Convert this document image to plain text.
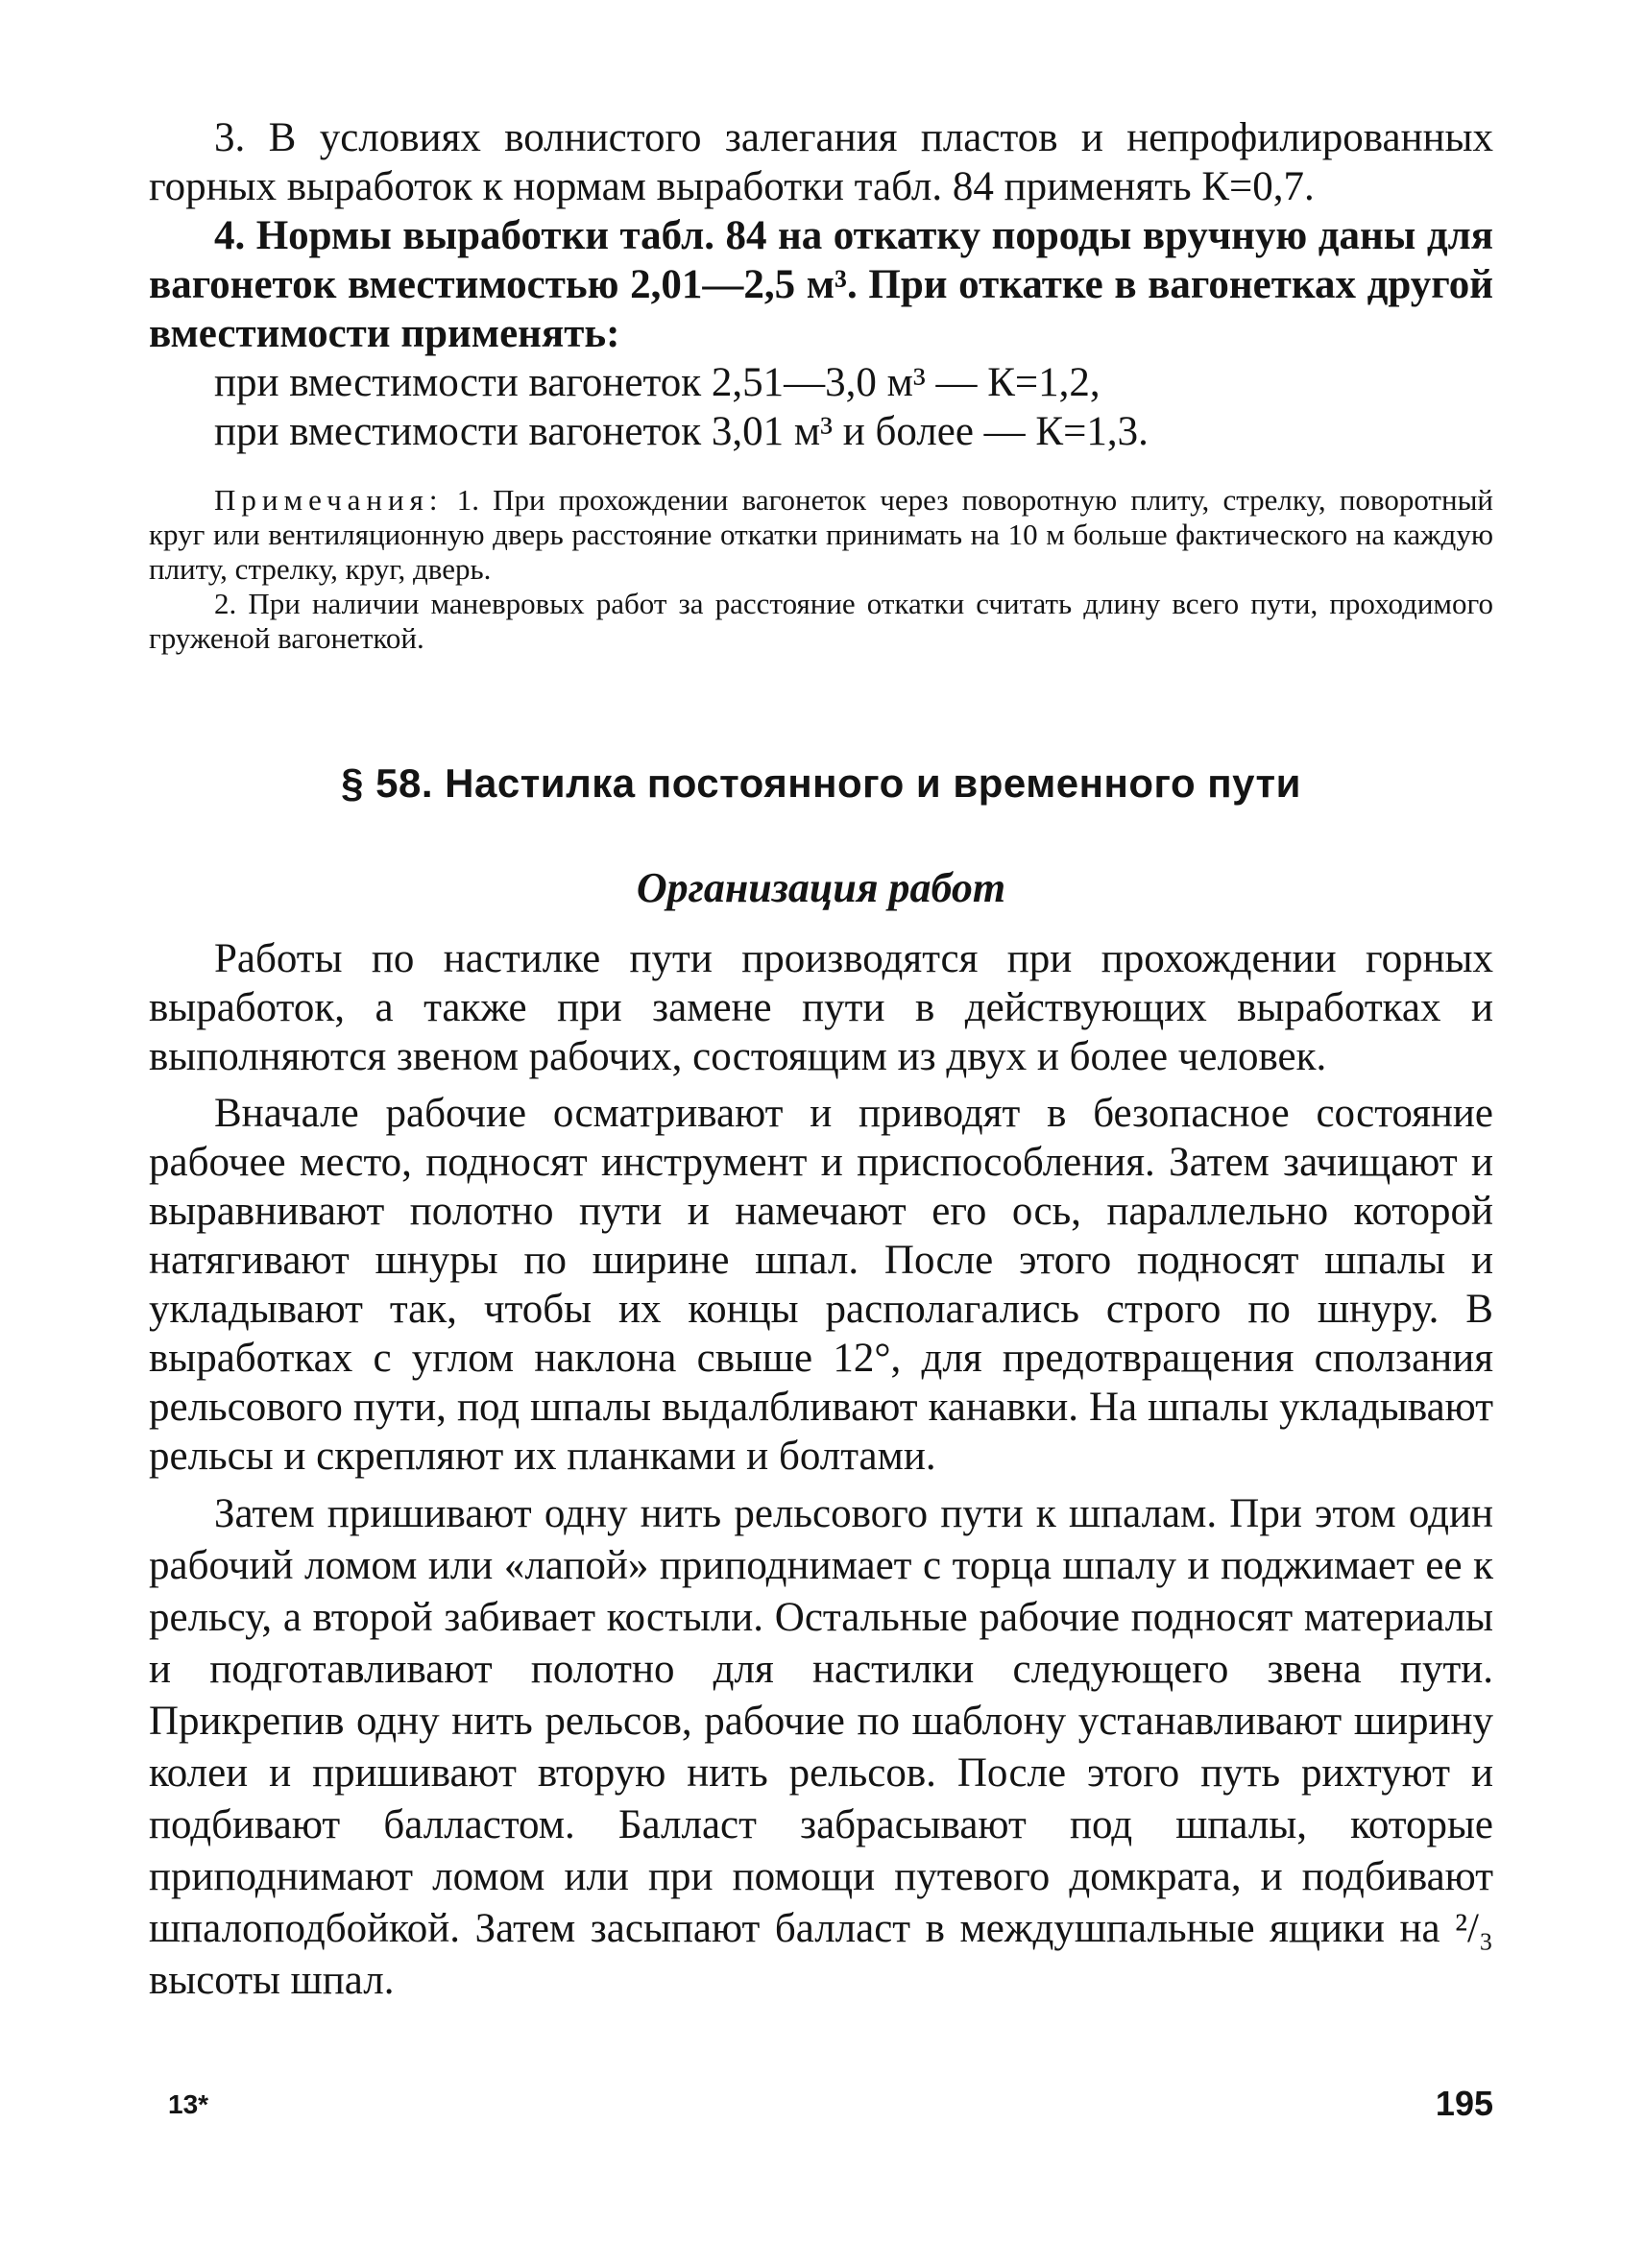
3. В условиях волнистого залегания пластов и непрофилированных горных выработок к нормам выработки табл. 84 применять К=0,7.

4. Нормы выработки табл. 84 на откатку породы вручную даны для вагонеток вместимостью 2,01—2,5 м³. При откатке в вагонетках другой вместимости применять:

при вместимости вагонеток 2,51—3,0 м³ — К=1,2,

при вместимости вагонеток 3,01 м³ и более — К=1,3.

Примечания: 1. При прохождении вагонеток через поворотную плиту, стрелку, поворотный круг или вентиляционную дверь расстояние откатки принимать на 10 м больше фактического на каждую плиту, стрелку, круг, дверь.

2. При наличии маневровых работ за расстояние откатки считать длину всего пути, проходимого груженой вагонеткой.

§ 58. Настилка постоянного и временного пути
Организация работ

Работы по настилке пути производятся при прохождении горных выработок, а также при замене пути в действующих выработках и выполняются звеном рабочих, состоящим из двух и более человек.

Вначале рабочие осматривают и приводят в безопасное состояние рабочее место, подносят инструмент и приспособления. Затем зачищают и выравнивают полотно пути и намечают его ось, параллельно которой натягивают шнуры по ширине шпал. После этого подносят шпалы и укладывают так, чтобы их концы располагались строго по шнуру. В выработках с углом наклона свыше 12°, для предотвращения сползания рельсового пути, под шпалы выдалбливают канавки. На шпалы укладывают рельсы и скрепляют их планками и болтами.

Затем пришивают одну нить рельсового пути к шпалам. При этом один рабочий ломом или «лапой» приподнимает с торца шпалу и поджимает ее к рельсу, а второй забивает костыли. Остальные рабочие подносят материалы и подготавливают полотно для настилки следующего звена пути. Прикрепив одну нить рельсов, рабочие по шаблону устанавливают ширину колеи и пришивают вторую нить рельсов. После этого путь рихтуют и подбивают балластом. Балласт забрасывают под шпалы, которые приподнимают ломом или при помощи путевого домкрата, и подбивают шпалоподбойкой. Затем засыпают балласт в междушпальные ящики на ²/₃ высоты шпал.

13*	195
